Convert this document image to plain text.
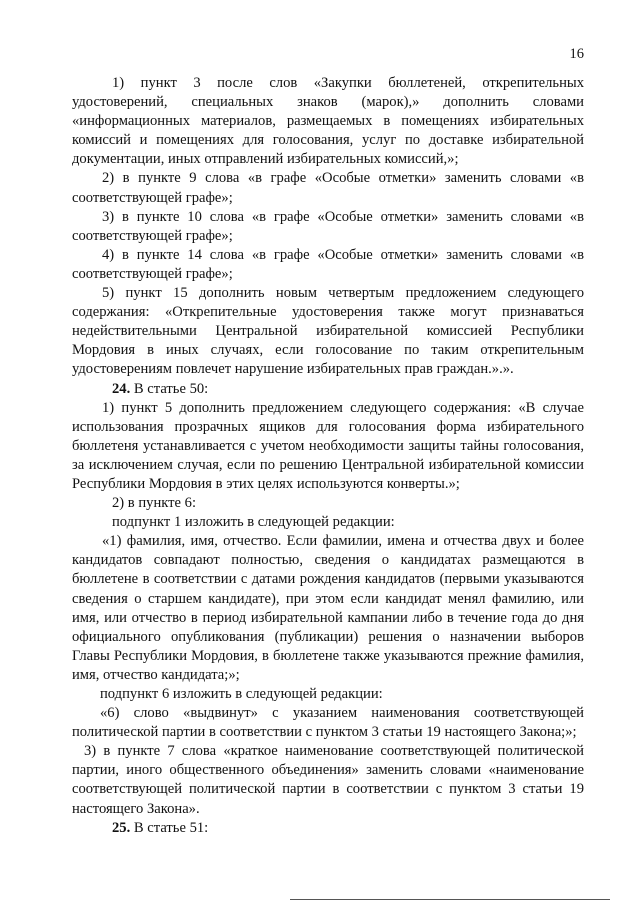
16

1) пункт 3 после слов «Закупки бюллетеней, открепительных удостоверений, специальных знаков (марок),» дополнить словами «информационных материалов, размещаемых в помещениях избирательных комиссий и помещениях для голосования, услуг по доставке избирательной документации, иных отправлений избирательных комиссий,»;

2) в пункте 9 слова «в графе «Особые отметки» заменить словами «в соответствующей графе»;

3) в пункте 10 слова «в графе «Особые отметки» заменить словами «в соответствующей графе»;

4) в пункте 14 слова «в графе «Особые отметки» заменить словами «в соответствующей графе»;

5) пункт 15 дополнить новым четвертым предложением следующего содержания: «Открепительные удостоверения также могут признаваться недействительными Центральной избирательной комиссией Республики Мордовия в иных случаях, если голосование по таким открепительным удостоверениям повлечет нарушение избирательных прав граждан.».».

24. В статье 50:

1) пункт 5 дополнить предложением следующего содержания: «В случае использования прозрачных ящиков для голосования форма избирательного бюллетеня устанавливается с учетом необходимости защиты тайны голосования, за исключением случая, если по решению Центральной избирательной комиссии Республики Мордовия в этих целях используются конверты.»;

2) в пункте 6:

подпункт 1 изложить в следующей редакции:

«1) фамилия, имя, отчество. Если фамилии, имена и отчества двух и более кандидатов совпадают полностью, сведения о кандидатах размещаются в бюллетене в соответствии с датами рождения кандидатов (первыми указываются сведения о старшем кандидате), при этом если кандидат менял фамилию, или имя, или отчество в период избирательной кампании либо в течение года до дня официального опубликования (публикации) решения о назначении выборов Главы Республики Мордовия, в бюллетене также указываются прежние фамилия, имя, отчество кандидата;»;

подпункт 6 изложить в следующей редакции:

«6) слово «выдвинут» с указанием наименования соответствующей политической партии в соответствии с пунктом 3 статьи 19 настоящего Закона;»;

3) в пункте 7 слова «краткое наименование соответствующей политической партии, иного общественного объединения» заменить словами «наименование соответствующей политической партии в соответствии с пунктом 3 статьи 19 настоящего Закона».

25. В статье 51:
